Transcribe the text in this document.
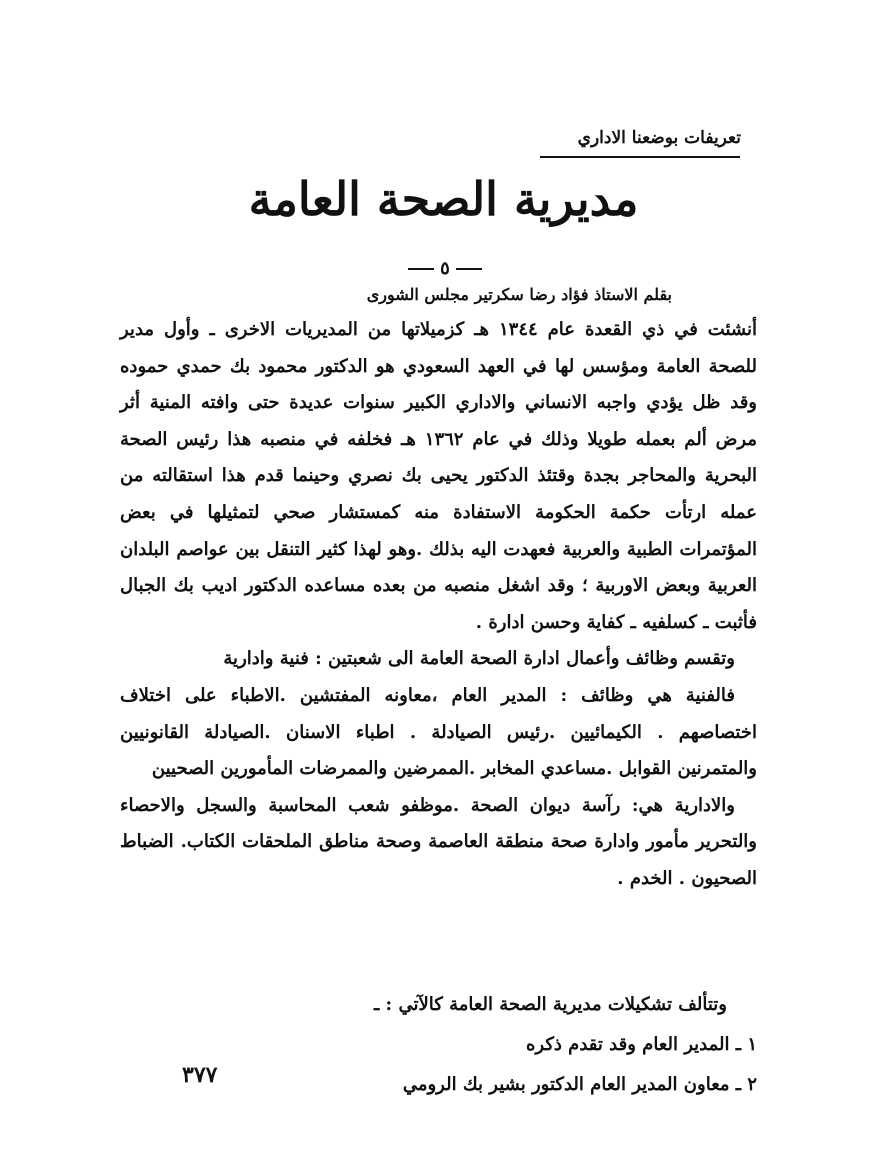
تعريفات بوضعنا الاداري
مديرية الصحة العامة
٥
بقلم الاستاذ فؤاد رضا سكرتير مجلس الشورى

أنشئت في ذي القعدة عام ١٣٤٤ هـ كزميلاتها من المديريات الاخرى ـ وأول مدير للصحة العامة ومؤسس لها في العهد السعودي هو الدكتور محمود بك حمدي حموده وقد ظل يؤدي واجبه الانساني والاداري الكبير سنوات عديدة حتى وافته المنية أثر مرض ألم بعمله طويلا وذلك في عام ١٣٦٢ هـ فخلفه في منصبه هذا رئيس الصحة البحرية والمحاجر بجدة وقتئذ الدكتور يحيى بك نصري وحينما قدم هذا استقالته من عمله ارتأت حكمة الحكومة الاستفادة منه كمستشار صحي لتمثيلها في بعض المؤتمرات الطبية والعربية فعهدت اليه بذلك .وهو لهذا كثير التنقل بين عواصم البلدان العربية وبعض الاوربية ؛ وقد اشغل منصبه من بعده مساعده الدكتور اديب بك الجبال فأثبت ـ كسلفيه ـ كفاية وحسن ادارة .

وتقسم وظائف وأعمال ادارة الصحة العامة الى شعبتين : فنية وادارية

فالفنية هي وظائف : المدير العام ،معاونه المفتشين .الاطباء على اختلاف اختصاصهم . الكيمائيين .رئيس الصيادلة . اطباء الاسنان .الصيادلة القانونيين والمتمرنين القوابل .مساعدي المخابر .الممرضين والممرضات المأمورين الصحيين

والادارية هي: رآسة ديوان الصحة .موظفو شعب المحاسبة والسجل والاحصاء والتحرير مأمور وادارة صحة منطقة العاصمة وصحة مناطق الملحقات الكتاب. الضباط الصحيون . الخدم .

وتتألف تشكيلات مديرية الصحة العامة كالآتي : ـ
١ ـ المدير العام وقد تقدم ذكره
٢ ـ معاون المدير العام الدكتور بشير بك الرومي
٣٧٧
